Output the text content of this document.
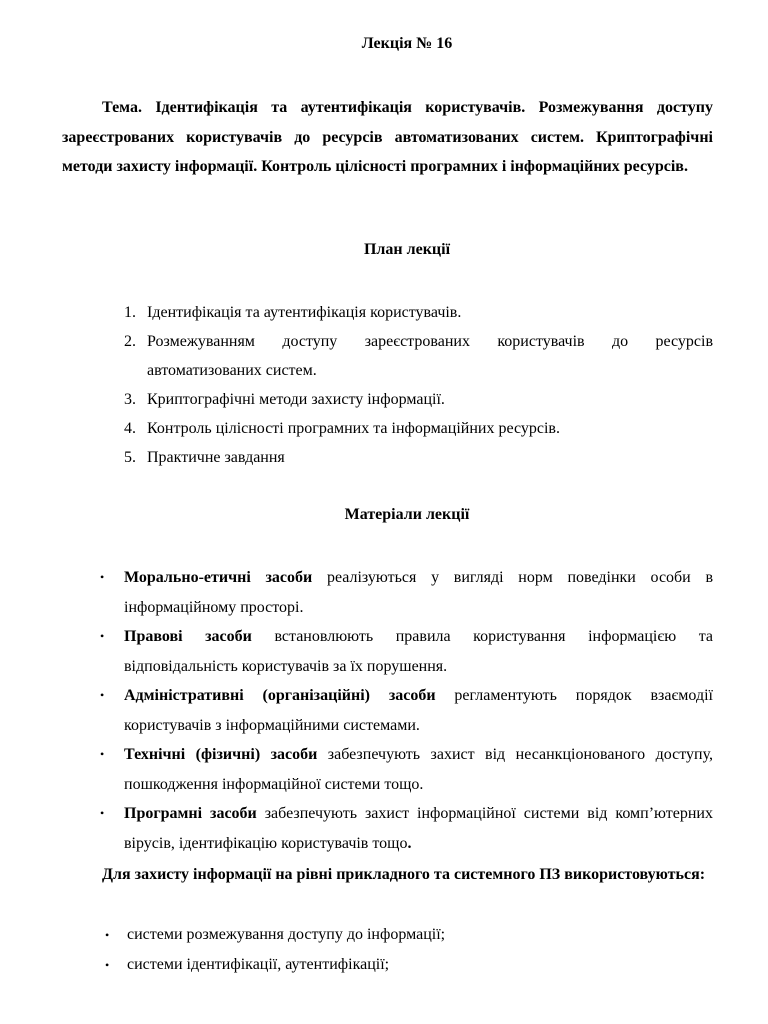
Лекція № 16
Тема. Ідентифікація та аутентифікація користувачів. Розмежування доступу зареєстрованих користувачів до ресурсів автоматизованих систем. Криптографічні методи захисту інформації. Контроль цілісності програмних і інформаційних ресурсів.
План лекції
1. Ідентифікація та аутентифікація користувачів.
2. Розмежуванням доступу зареєстрованих користувачів до ресурсів автоматизованих систем.
3. Криптографічні методи захисту інформації.
4. Контроль цілісності програмних та інформаційних ресурсів.
5. Практичне завдання
Матеріали лекції
• Морально-етичні засоби реалізуються у вигляді норм поведінки особи в інформаційному просторі.
• Правові засоби встановлюють правила користування інформацією та відповідальність користувачів за їх порушення.
• Адміністративні (організаційні) засоби регламентують порядок взаємодії користувачів з інформаційними системами.
• Технічні (фізичні) засоби забезпечують захист від несанкціонованого доступу, пошкодження інформаційної системи тощо.
• Програмні засоби забезпечують захист інформаційної системи від комп’ютерних вірусів, ідентифікацію користувачів тощо.
Для захисту інформації на рівні прикладного та системного ПЗ використовуються:
• системи розмежування доступу до інформації;
• системи ідентифікації, аутентифікації;
